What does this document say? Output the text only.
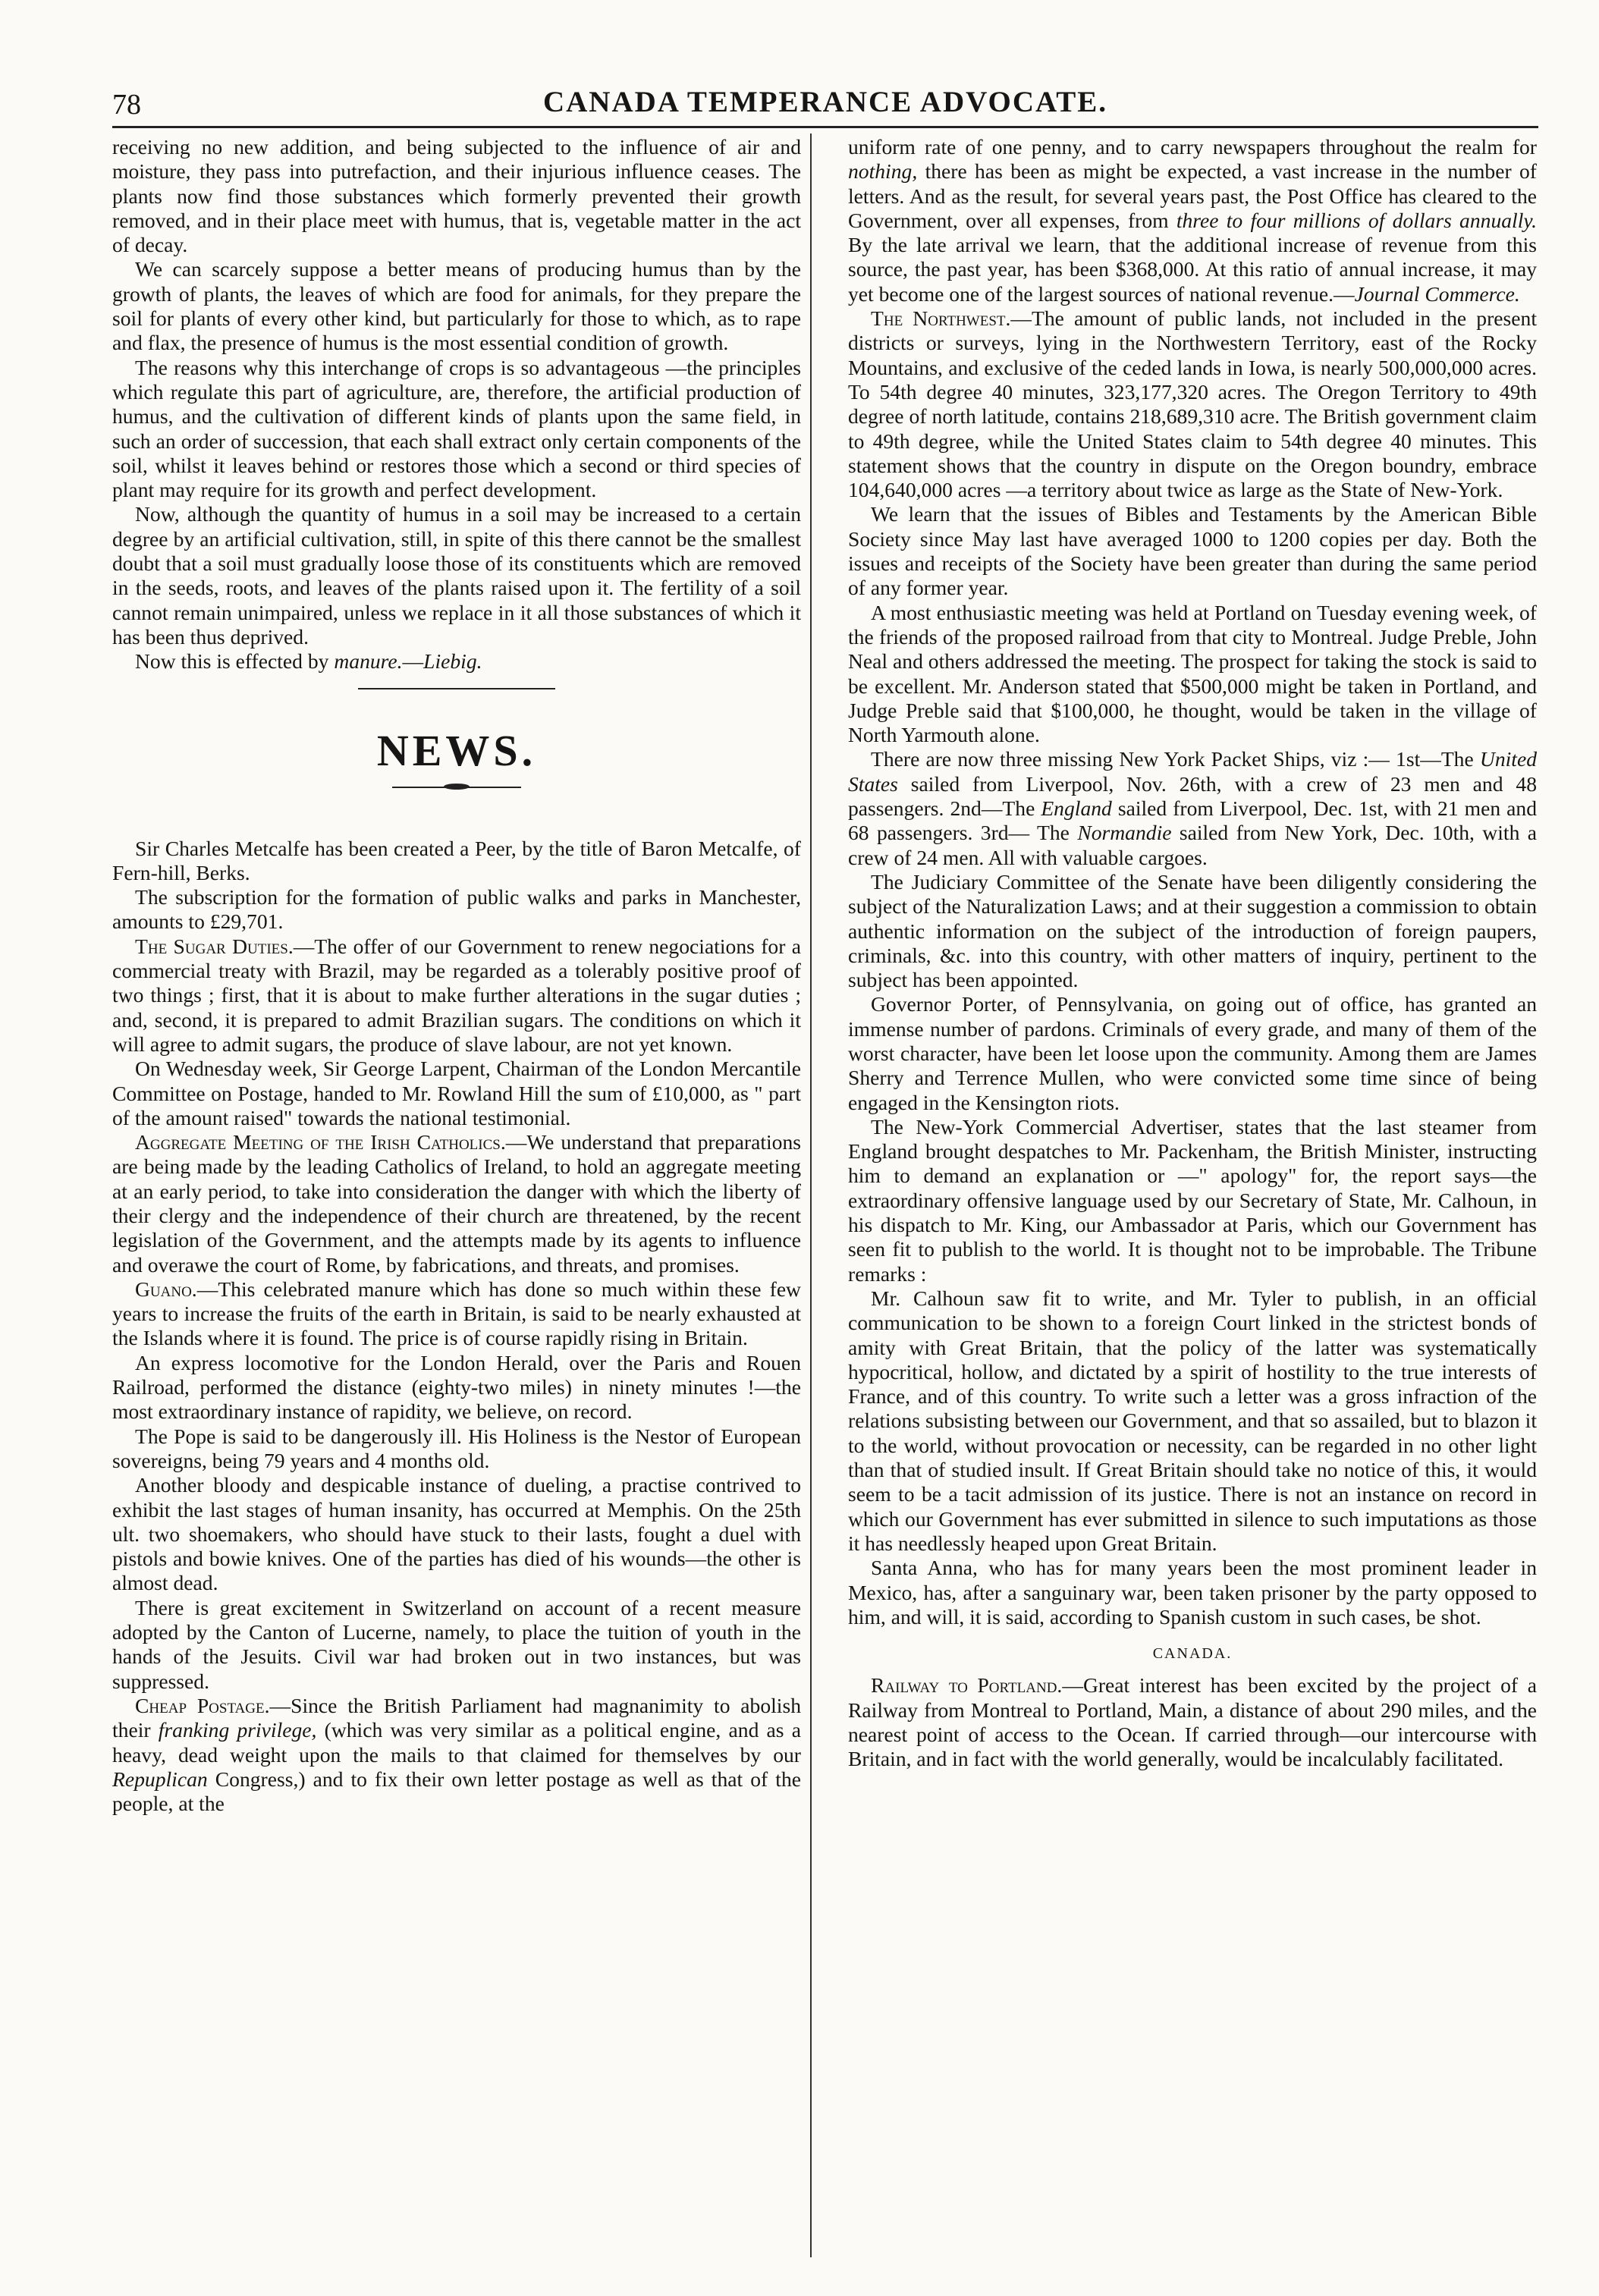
78	CANADA TEMPERANCE ADVOCATE.

receiving no new addition, and being subjected to the influence of air and moisture, they pass into putrefaction, and their injurious influence ceases. The plants now find those substances which formerly prevented their growth removed, and in their place meet with humus, that is, vegetable matter in the act of decay.

We can scarcely suppose a better means of producing humus than by the growth of plants, the leaves of which are food for animals, for they prepare the soil for plants of every other kind, but particularly for those to which, as to rape and flax, the presence of humus is the most essential condition of growth.

The reasons why this interchange of crops is so advantageous —the principles which regulate this part of agriculture, are, therefore, the artificial production of humus, and the cultivation of different kinds of plants upon the same field, in such an order of succession, that each shall extract only certain components of the soil, whilst it leaves behind or restores those which a second or third species of plant may require for its growth and perfect development.

Now, although the quantity of humus in a soil may be increased to a certain degree by an artificial cultivation, still, in spite of this there cannot be the smallest doubt that a soil must gradually loose those of its constituents which are removed in the seeds, roots, and leaves of the plants raised upon it. The fertility of a soil cannot remain unimpaired, unless we replace in it all those substances of which it has been thus deprived.

Now this is effected by manure.—Liebig.

NEWS.

Sir Charles Metcalfe has been created a Peer, by the title of Baron Metcalfe, of Fern-hill, Berks.

The subscription for the formation of public walks and parks in Manchester, amounts to £29,701.

The Sugar Duties.—The offer of our Government to renew negociations for a commercial treaty with Brazil, may be regarded as a tolerably positive proof of two things ; first, that it is about to make further alterations in the sugar duties ; and, second, it is prepared to admit Brazilian sugars. The conditions on which it will agree to admit sugars, the produce of slave labour, are not yet known.

On Wednesday week, Sir George Larpent, Chairman of the London Mercantile Committee on Postage, handed to Mr. Rowland Hill the sum of £10,000, as " part of the amount raised" towards the national testimonial.

Aggregate Meeting of the Irish Catholics.—We understand that preparations are being made by the leading Catholics of Ireland, to hold an aggregate meeting at an early period, to take into consideration the danger with which the liberty of their clergy and the independence of their church are threatened, by the recent legislation of the Government, and the attempts made by its agents to influence and overawe the court of Rome, by fabrications, and threats, and promises.

Guano.—This celebrated manure which has done so much within these few years to increase the fruits of the earth in Britain, is said to be nearly exhausted at the Islands where it is found. The price is of course rapidly rising in Britain.

An express locomotive for the London Herald, over the Paris and Rouen Railroad, performed the distance (eighty-two miles) in ninety minutes !—the most extraordinary instance of rapidity, we believe, on record.

The Pope is said to be dangerously ill. His Holiness is the Nestor of European sovereigns, being 79 years and 4 months old.

Another bloody and despicable instance of dueling, a practise contrived to exhibit the last stages of human insanity, has occurred at Memphis. On the 25th ult. two shoemakers, who should have stuck to their lasts, fought a duel with pistols and bowie knives. One of the parties has died of his wounds—the other is almost dead.

There is great excitement in Switzerland on account of a recent measure adopted by the Canton of Lucerne, namely, to place the tuition of youth in the hands of the Jesuits. Civil war had broken out in two instances, but was suppressed.

Cheap Postage.—Since the British Parliament had magnanimity to abolish their franking privilege, (which was very similar as a political engine, and as a heavy, dead weight upon the mails to that claimed for themselves by our Repuplican Congress,) and to fix their own letter postage as well as that of the people, at the

uniform rate of one penny, and to carry newspapers throughout the realm for nothing, there has been as might be expected, a vast increase in the number of letters. And as the result, for several years past, the Post Office has cleared to the Government, over all expenses, from three to four millions of dollars annually. By the late arrival we learn, that the additional increase of revenue from this source, the past year, has been $368,000. At this ratio of annual increase, it may yet become one of the largest sources of national revenue.—Journal Commerce.

The Northwest.—The amount of public lands, not included in the present districts or surveys, lying in the Northwestern Territory, east of the Rocky Mountains, and exclusive of the ceded lands in Iowa, is nearly 500,000,000 acres. To 54th degree 40 minutes, 323,177,320 acres. The Oregon Territory to 49th degree of north latitude, contains 218,689,310 acre. The British government claim to 49th degree, while the United States claim to 54th degree 40 minutes. This statement shows that the country in dispute on the Oregon boundry, embrace 104,640,000 acres —a territory about twice as large as the State of New-York.

We learn that the issues of Bibles and Testaments by the American Bible Society since May last have averaged 1000 to 1200 copies per day. Both the issues and receipts of the Society have been greater than during the same period of any former year.

A most enthusiastic meeting was held at Portland on Tuesday evening week, of the friends of the proposed railroad from that city to Montreal. Judge Preble, John Neal and others addressed the meeting. The prospect for taking the stock is said to be excellent. Mr. Anderson stated that $500,000 might be taken in Portland, and Judge Preble said that $100,000, he thought, would be taken in the village of North Yarmouth alone.

There are now three missing New York Packet Ships, viz :— 1st—The United States sailed from Liverpool, Nov. 26th, with a crew of 23 men and 48 passengers. 2nd—The England sailed from Liverpool, Dec. 1st, with 21 men and 68 passengers. 3rd— The Normandie sailed from New York, Dec. 10th, with a crew of 24 men. All with valuable cargoes.

The Judiciary Committee of the Senate have been diligently considering the subject of the Naturalization Laws; and at their suggestion a commission to obtain authentic information on the subject of the introduction of foreign paupers, criminals, &c. into this country, with other matters of inquiry, pertinent to the subject has been appointed.

Governor Porter, of Pennsylvania, on going out of office, has granted an immense number of pardons. Criminals of every grade, and many of them of the worst character, have been let loose upon the community. Among them are James Sherry and Terrence Mullen, who were convicted some time since of being engaged in the Kensington riots.

The New-York Commercial Advertiser, states that the last steamer from England brought despatches to Mr. Packenham, the British Minister, instructing him to demand an explanation or —" apology" for, the report says—the extraordinary offensive language used by our Secretary of State, Mr. Calhoun, in his dispatch to Mr. King, our Ambassador at Paris, which our Government has seen fit to publish to the world. It is thought not to be improbable. The Tribune remarks :

Mr. Calhoun saw fit to write, and Mr. Tyler to publish, in an official communication to be shown to a foreign Court linked in the strictest bonds of amity with Great Britain, that the policy of the latter was systematically hypocritical, hollow, and dictated by a spirit of hostility to the true interests of France, and of this country. To write such a letter was a gross infraction of the relations subsisting between our Government, and that so assailed, but to blazon it to the world, without provocation or necessity, can be regarded in no other light than that of studied insult. If Great Britain should take no notice of this, it would seem to be a tacit admission of its justice. There is not an instance on record in which our Government has ever submitted in silence to such imputations as those it has needlessly heaped upon Great Britain.

Santa Anna, who has for many years been the most prominent leader in Mexico, has, after a sanguinary war, been taken prisoner by the party opposed to him, and will, it is said, according to Spanish custom in such cases, be shot.

CANADA.

Railway to Portland.—Great interest has been excited by the project of a Railway from Montreal to Portland, Main, a distance of about 290 miles, and the nearest point of access to the Ocean. If carried through—our intercourse with Britain, and in fact with the world generally, would be incalculably facilitated.
